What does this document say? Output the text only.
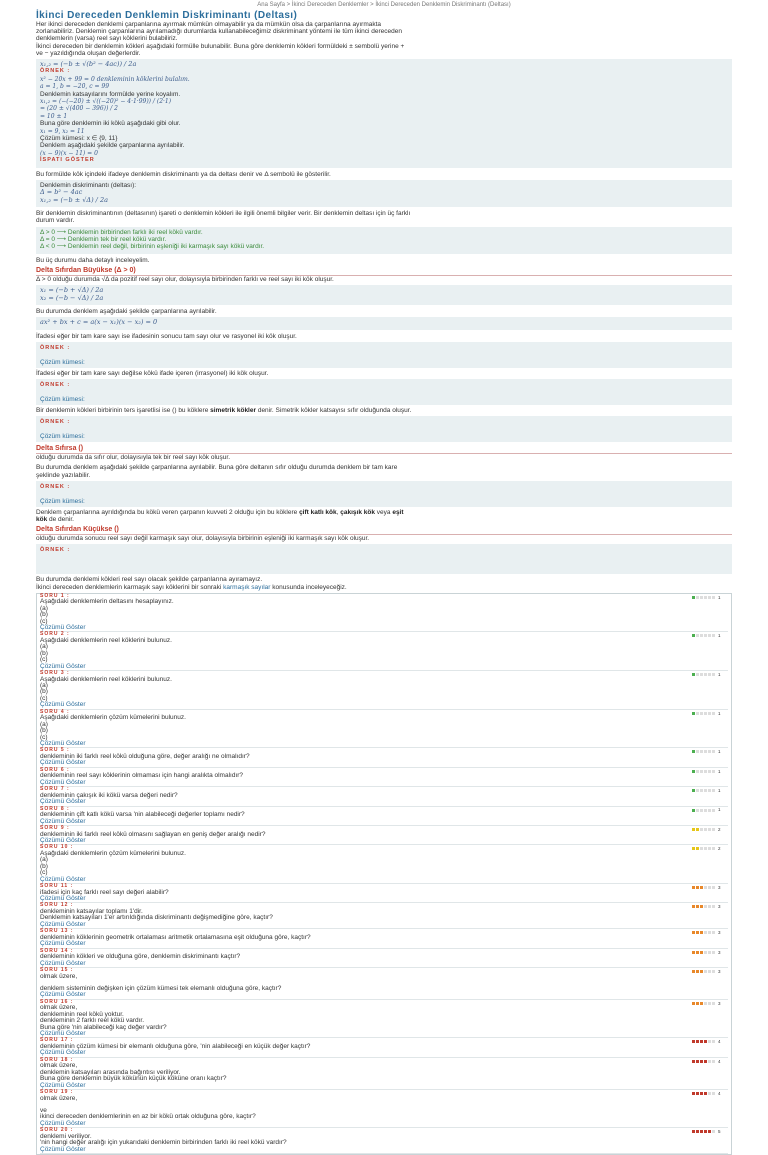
Ana Sayfa > İkinci Dereceden Denklemler > İkinci Dereceden Denklemin Diskriminantı (Deltası)
İkinci Dereceden Denklemin Diskriminantı (Deltası)

Her ikinci dereceden denklemi çarpanlarına ayırmak mümkün olmayabilir ya da mümkün olsa da çarpanlarına ayırmakta

zorlanabiliriz. Denklemin çarpanlarına ayrılamadığı durumlarda kullanabileceğimiz diskriminant yöntemi ile tüm ikinci dereceden

denklemlerin (varsa) reel sayı köklerini bulabiliriz.

İkinci dereceden bir denklemin kökleri aşağıdaki formülle bulunabilir. Buna göre denklemin kökleri formüldeki ± sembolü yerine +

ve − yazıldığında oluşan değerlerdir.

x₁,₂ = (−b ± √(b² − 4ac)) / 2a
ÖRNEK :
x² − 20x + 99 = 0 denkleminin köklerini bulalım.
a = 1, b = −20, c = 99
Denklemin katsayılarını formülde yerine koyalım.
x₁,₂ = (−(−20) ± √((−20)² − 4·1·99)) / (2·1)
= (20 ± √(400 − 396)) / 2
= 10 ± 1
Buna göre denklemin iki kökü aşağıdaki gibi olur.
x₁ = 9, x₂ = 11
Çözüm kümesi: x ∈ {9, 11}
Denklem aşağıdaki şekilde çarpanlarına ayrılabilir.
(x − 9)(x − 11) = 0
İSPATI GÖSTER

Bu formülde kök içindeki ifadeye denklemin diskriminantı ya da deltası denir ve Δ sembolü ile gösterilir.

Denklemin diskriminantı (deltası):
Δ = b² − 4ac
x₁,₂ = (−b ± √Δ) / 2a

Bir denklemin diskriminantının (deltasının) işareti o denklemin kökleri ile ilgili önemli bilgiler verir. Bir denklemin deltası için üç farklı

durum vardır.

Δ > 0 ⟶ Denklemin birbirinden farklı iki reel kökü vardır.
Δ = 0 ⟶ Denklemin tek bir reel kökü vardır.
Δ < 0 ⟶ Denklemin reel değil, birbirinin eşleniği iki karmaşık sayı kökü vardır.

Bu üç durumu daha detaylı inceleyelim.

Delta Sıfırdan Büyükse (Δ > 0)

Δ > 0 olduğu durumda √Δ da pozitif reel sayı olur, dolayısıyla birbirinden farklı ve reel sayı iki kök oluşur.

x₁ = (−b + √Δ) / 2a
x₂ = (−b − √Δ) / 2a

Bu durumda denklem aşağıdaki şekilde çarpanlarına ayrılabilir.

ax² + bx + c = a(x − x₁)(x − x₂) = 0

İfadesi eğer bir tam kare sayı ise ifadesinin sonucu tam sayı olur ve rasyonel iki kök oluşur.

ÖRNEK :
Çözüm kümesi:

İfadesi eğer bir tam kare sayı değilse kökü ifade içeren (irrasyonel) iki kök oluşur.

ÖRNEK :
Çözüm kümesi:

Bir denklemin kökleri birbirinin ters işaretlisi ise () bu köklere simetrik kökler denir. Simetrik kökler katsayısı sıfır olduğunda oluşur.

ÖRNEK :
Çözüm kümesi:
Delta Sıfırsa ()

olduğu durumda da sıfır olur, dolayısıyla tek bir reel sayı kök oluşur.

Bu durumda denklem aşağıdaki şekilde çarpanlarına ayrılabilir. Buna göre deltanın sıfır olduğu durumda denklem bir tam kare

şeklinde yazılabilir.

ÖRNEK :
Çözüm kümesi:

Denklem çarpanlarına ayrıldığında bu kökü veren çarpanın kuvveti 2 olduğu için bu köklere çift katlı kök, çakışık kök veya eşit

kök de denir.

Delta Sıfırdan Küçükse ()

olduğu durumda sonucu reel sayı değil karmaşık sayı olur, dolayısıyla birbirinin eşleniği iki karmaşık sayı kök oluşur.

ÖRNEK :

Bu durumda denklemi kökleri reel sayı olacak şekilde çarpanlarına ayıramayız.

İkinci dereceden denklemlerin karmaşık sayı köklerini bir sonraki karmaşık sayılar konusunda inceleyeceğiz.

SORU 1 :
Aşağıdaki denklemlerin deltasını hesaplayınız.
(a)
(b)
(c)
Çözümü Göster
1
SORU 2 :
Aşağıdaki denklemlerin reel köklerini bulunuz.
(a)
(b)
(c)
Çözümü Göster
1
SORU 3 :
Aşağıdaki denklemlerin reel köklerini bulunuz.
(a)
(b)
(c)
Çözümü Göster
1
SORU 4 :
Aşağıdaki denklemlerin çözüm kümelerini bulunuz.
(a)
(b)
(c)
Çözümü Göster
1
SORU 5 :
denkleminin iki farklı reel kökü olduğuna göre, değer aralığı ne olmalıdır?
Çözümü Göster
1
SORU 6 :
denkleminin reel sayı köklerinin olmaması için hangi aralıkta olmalıdır?
Çözümü Göster
1
SORU 7 :
denkleminin çakışık iki kökü varsa değeri nedir?
Çözümü Göster
1
SORU 8 :
denkleminin çift katlı kökü varsa 'nin alabileceği değerler toplamı nedir?
Çözümü Göster
1
SORU 9 :
denkleminin iki farklı reel kökü olmasını sağlayan en geniş değer aralığı nedir?
Çözümü Göster
2
SORU 10 :
Aşağıdaki denklemlerin çözüm kümelerini bulunuz.
(a)
(b)
(c)
Çözümü Göster
2
SORU 11 :
ifadesi için kaç farklı reel sayı değeri alabilir?
Çözümü Göster
3
SORU 12 :
denkleminin katsayılar toplamı 1'dir.
Denklemin katsayıları 1'er artırıldığında diskriminantı değişmediğine göre, kaçtır?
Çözümü Göster
3
SORU 13 :
denkleminin köklerinin geometrik ortalaması aritmetik ortalamasına eşit olduğuna göre, kaçtır?
Çözümü Göster
3
SORU 14 :
denkleminin kökleri ve olduğuna göre, denklemin diskriminantı kaçtır?
Çözümü Göster
3
SORU 15 :
olmak üzere,
denklem sisteminin değişken için çözüm kümesi tek elemanlı olduğuna göre, kaçtır?
Çözümü Göster
3
SORU 16 :
olmak üzere,
denkleminin reel kökü yoktur.
denkleminin 2 farklı reel kökü vardır.
Buna göre 'nin alabileceği kaç değer vardır?
Çözümü Göster
3
SORU 17 :
denkleminin çözüm kümesi bir elemanlı olduğuna göre, 'nin alabileceği en küçük değer kaçtır?
Çözümü Göster
4
SORU 18 :
olmak üzere,
denklemin katsayıları arasında bağıntısı veriliyor.
Buna göre denklemin büyük kökünün küçük köküne oranı kaçtır?
Çözümü Göster
4
SORU 19 :
olmak üzere,
ve
ikinci dereceden denklemlerinin en az bir kökü ortak olduğuna göre, kaçtır?
Çözümü Göster
4
SORU 20 :
denklemi veriliyor.
'nin hangi değer aralığı için yukarıdaki denklemin birbirinden farklı iki reel kökü vardır?
Çözümü Göster
5
